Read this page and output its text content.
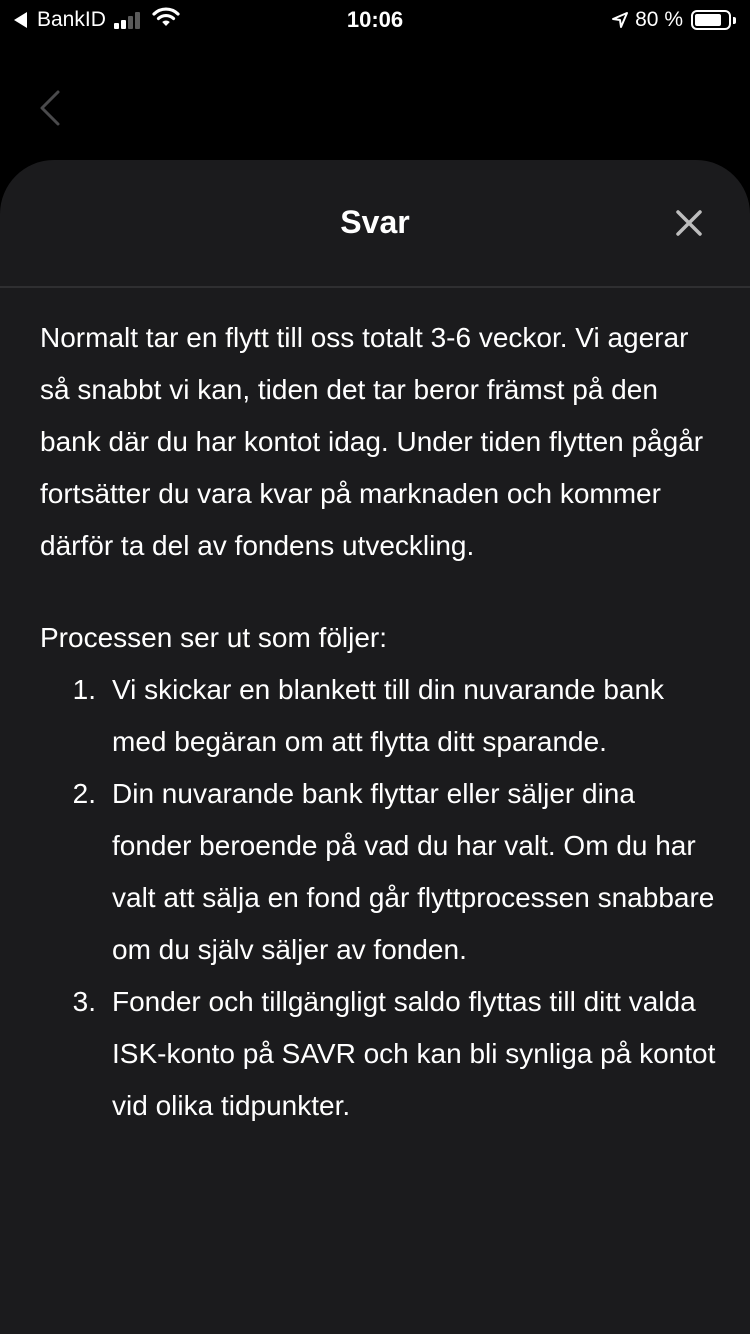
BankID	10:06	80 %
Svar

Normalt tar en flytt till oss totalt 3-6 veckor. Vi agerar så snabbt vi kan, tiden det tar beror främst på den bank där du har kontot idag. Under tiden flytten pågår fortsätter du vara kvar på marknaden och kommer därför ta del av fondens utveckling.

Processen ser ut som följer:

1. Vi skickar en blankett till din nuvarande bank med begäran om att flytta ditt sparande.
2. Din nuvarande bank flyttar eller säljer dina fonder beroende på vad du har valt. Om du har valt att sälja en fond går flyttprocessen snabbare om du själv säljer av fonden.
3. Fonder och tillgängligt saldo flyttas till ditt valda ISK-konto på SAVR och kan bli synliga på kontot vid olika tidpunkter.
